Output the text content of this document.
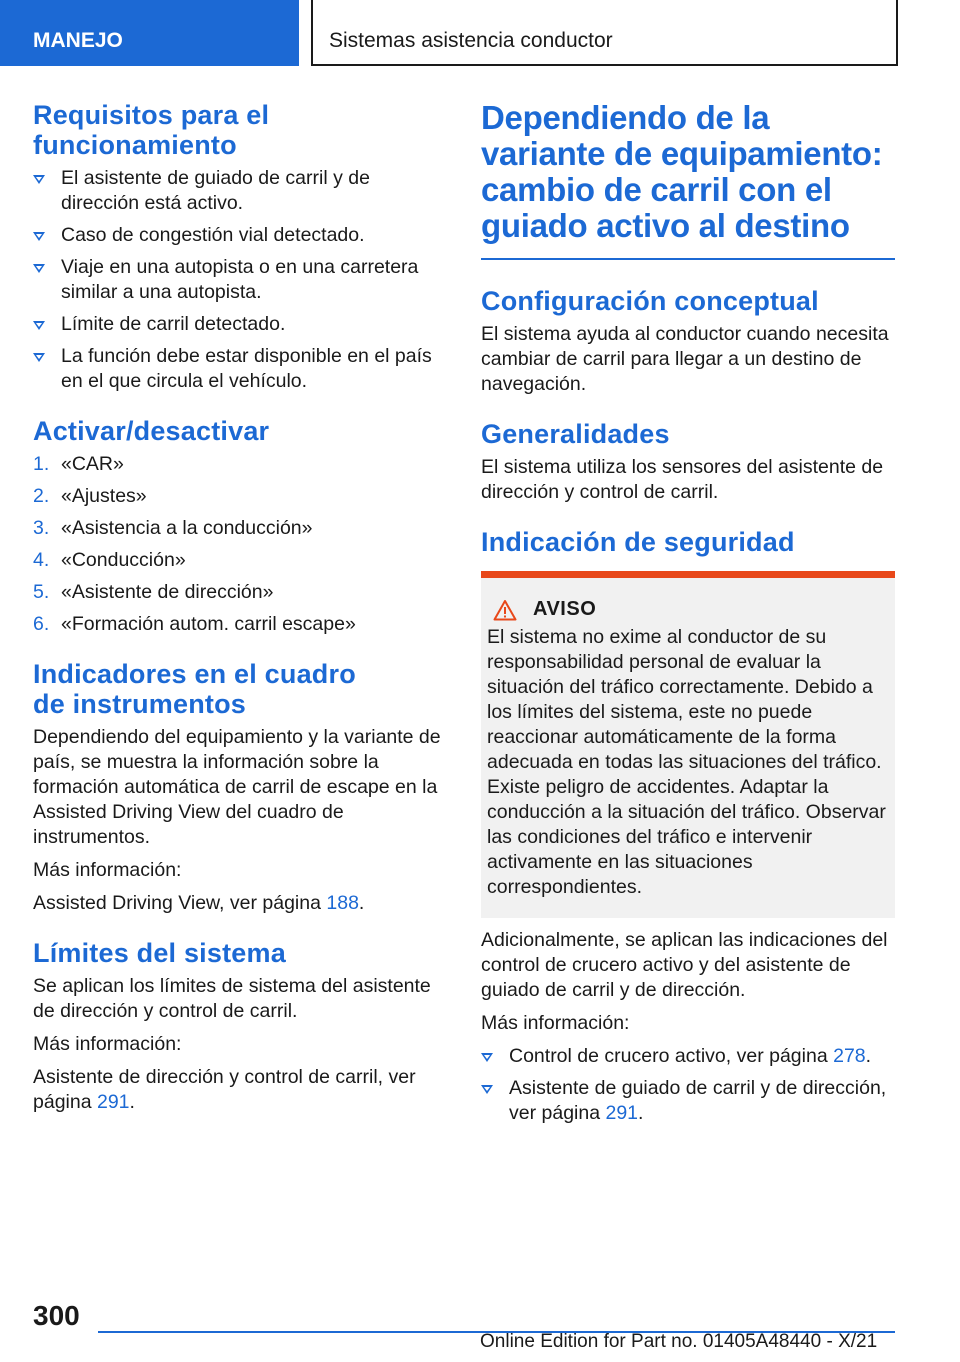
MANEJO	Sistemas asistencia conductor
Requisitos para el funcionamiento
El asistente de guiado de carril y de dirección está activo.
Caso de congestión vial detectado.
Viaje en una autopista o en una carretera similar a una autopista.
Límite de carril detectado.
La función debe estar disponible en el país en el que circula el vehículo.
Activar/desactivar
1. «CAR»
2. «Ajustes»
3. «Asistencia a la conducción»
4. «Conducción»
5. «Asistente de dirección»
6. «Formación autom. carril escape»
Indicadores en el cuadro de instrumentos

Dependiendo del equipamiento y la variante de país, se muestra la información sobre la formación automática de carril de escape en la Assisted Driving View del cuadro de instrumentos.

Más información:

Assisted Driving View, ver página 188.

Límites del sistema

Se aplican los límites de sistema del asistente de dirección y control de carril.

Más información:

Asistente de dirección y control de carril, ver página 291.

Dependiendo de la variante de equipamiento: cambio de carril con el guiado activo al destino
Configuración conceptual

El sistema ayuda al conductor cuando necesita cambiar de carril para llegar a un destino de navegación.

Generalidades

El sistema utiliza los sensores del asistente de dirección y control de carril.

Indicación de seguridad
AVISO

El sistema no exime al conductor de su responsabilidad personal de evaluar la situación del tráfico correctamente. Debido a los límites del sistema, este no puede reaccionar automáticamente de la forma adecuada en todas las situaciones del tráfico. Existe peligro de accidentes. Adaptar la conducción a la situación del tráfico. Observar las condiciones del tráfico e intervenir activamente en las situaciones correspondientes.

Adicionalmente, se aplican las indicaciones del control de crucero activo y del asistente de guiado de carril y de dirección.

Más información:

Control de crucero activo, ver página 278.
Asistente de guiado de carril y de dirección, ver página 291.
300
Online Edition for Part no. 01405A48440 - X/21
